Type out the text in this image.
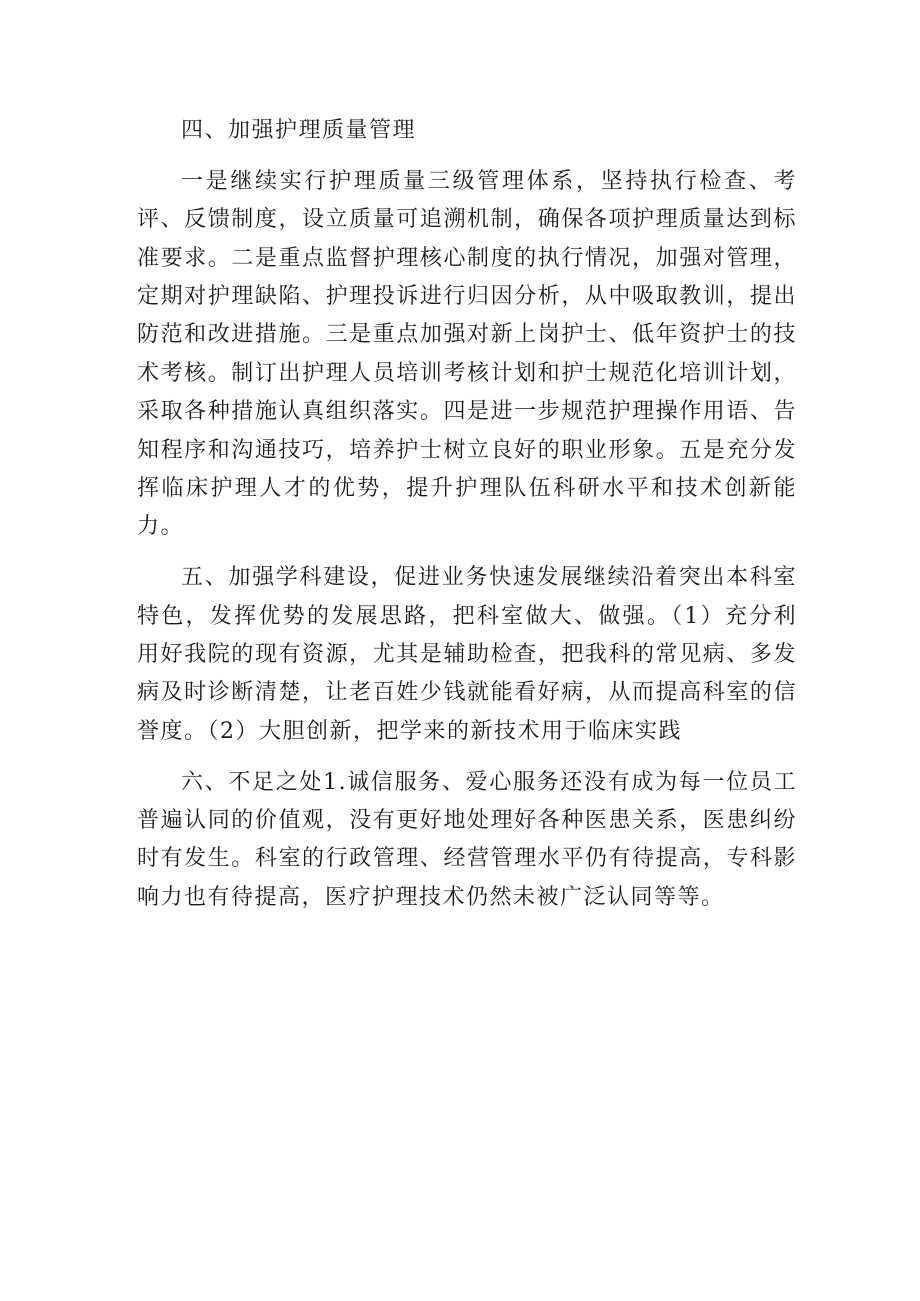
四、加强护理质量管理

一是继续实行护理质量三级管理体系，坚持执行检查、考评、反馈制度，设立质量可追溯机制，确保各项护理质量达到标准要求。二是重点监督护理核心制度的执行情况，加强对管理，定期对护理缺陷、护理投诉进行归因分析，从中吸取教训，提出防范和改进措施。三是重点加强对新上岗护士、低年资护士的技术考核。制订出护理人员培训考核计划和护士规范化培训计划，采取各种措施认真组织落实。四是进一步规范护理操作用语、告知程序和沟通技巧，培养护士树立良好的职业形象。五是充分发挥临床护理人才的优势，提升护理队伍科研水平和技术创新能力。

五、加强学科建设，促进业务快速发展继续沿着突出本科室特色，发挥优势的发展思路，把科室做大、做强。（1）充分利用好我院的现有资源，尤其是辅助检查，把我科的常见病、多发病及时诊断清楚，让老百姓少钱就能看好病，从而提高科室的信誉度。（2）大胆创新，把学来的新技术用于临床实践

六、不足之处1.诚信服务、爱心服务还没有成为每一位员工普遍认同的价值观，没有更好地处理好各种医患关系，医患纠纷时有发生。科室的行政管理、经营管理水平仍有待提高，专科影响力也有待提高，医疗护理技术仍然未被广泛认同等等。
